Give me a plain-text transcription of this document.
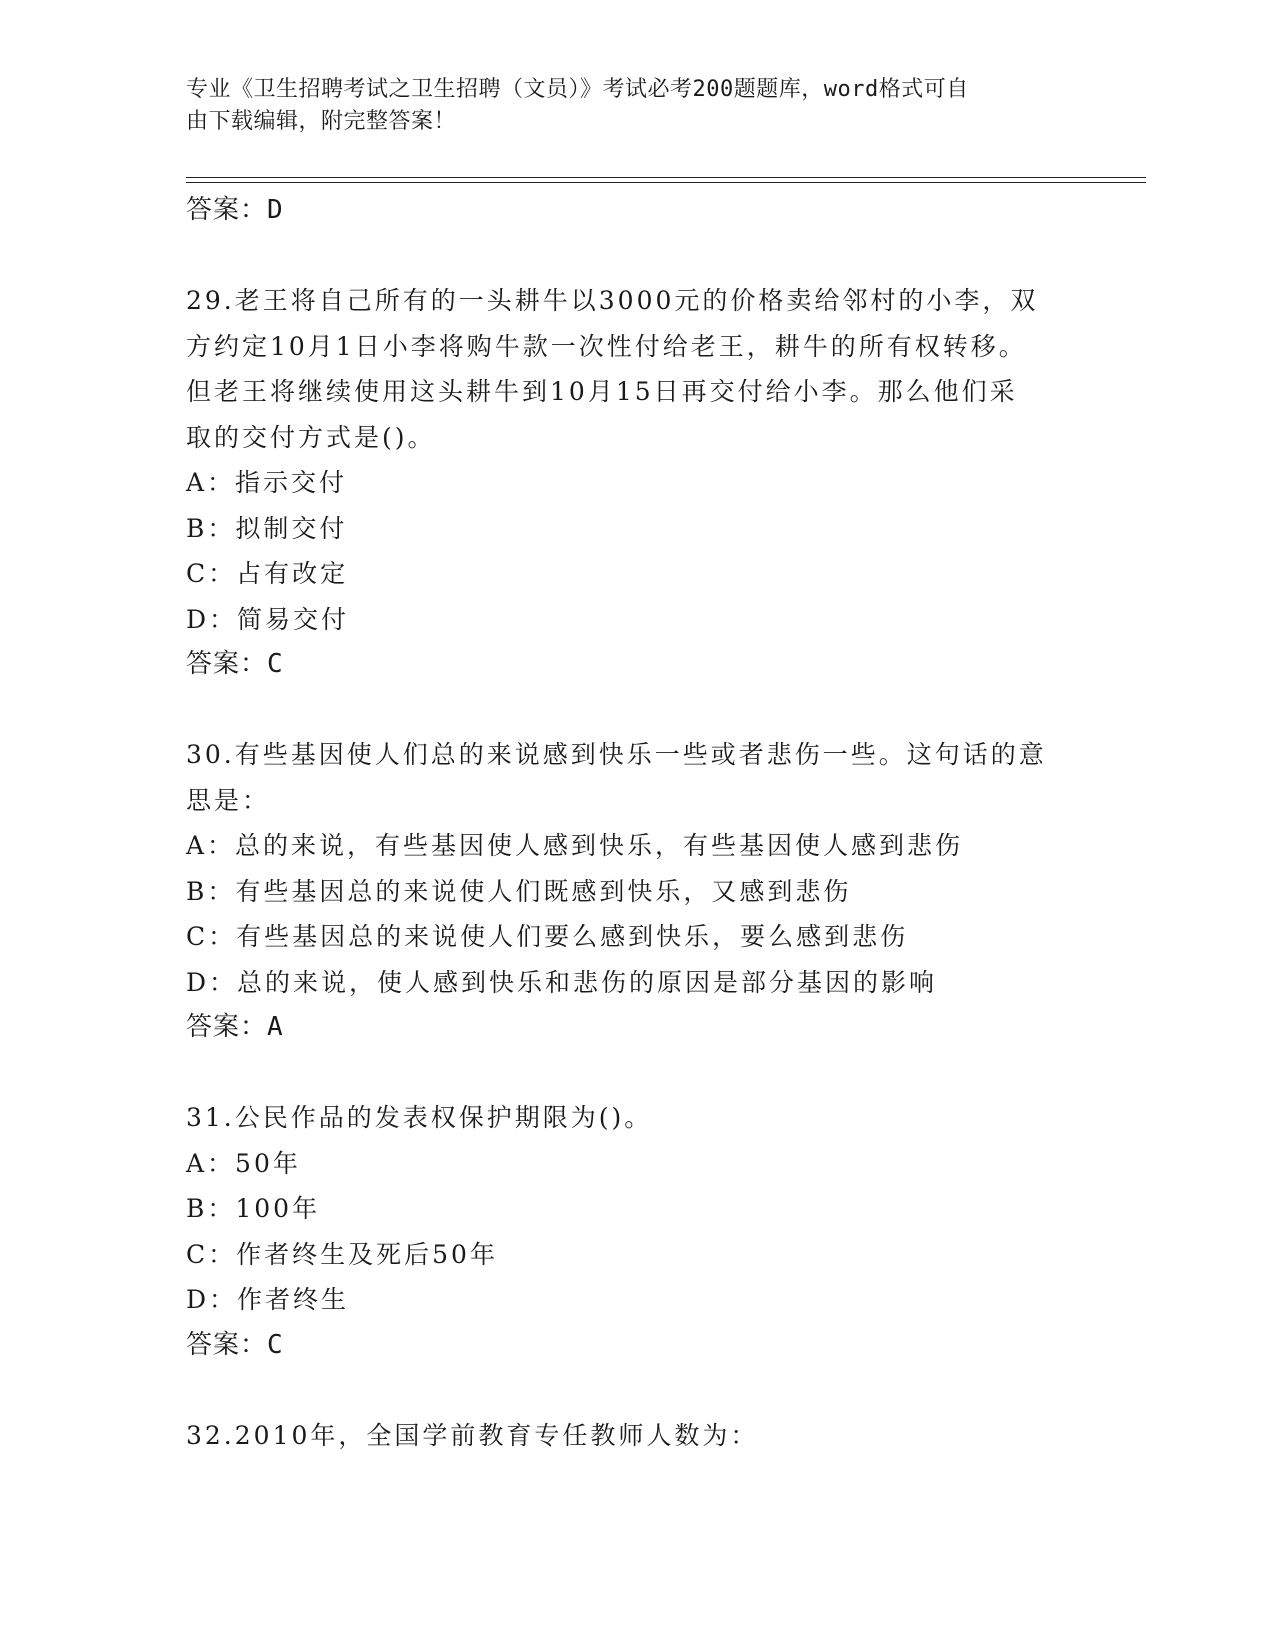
专业《卫生招聘考试之卫生招聘（文员）》考试必考200题题库，word格式可自
由下载编辑，附完整答案！

答案：D

29.老王将自己所有的一头耕牛以3000元的价格卖给邻村的小李，双

方约定10月1日小李将购牛款一次性付给老王，耕牛的所有权转移。

但老王将继续使用这头耕牛到10月15日再交付给小李。那么他们采

取的交付方式是()。

A：指示交付

B：拟制交付

C：占有改定

D：简易交付

答案：C

30.有些基因使人们总的来说感到快乐一些或者悲伤一些。这句话的意

思是：

A：总的来说，有些基因使人感到快乐，有些基因使人感到悲伤

B：有些基因总的来说使人们既感到快乐，又感到悲伤

C：有些基因总的来说使人们要么感到快乐，要么感到悲伤

D：总的来说，使人感到快乐和悲伤的原因是部分基因的影响

答案：A

31.公民作品的发表权保护期限为()。

A：50年

B：100年

C：作者终生及死后50年

D：作者终生

答案：C

32.2010年，全国学前教育专任教师人数为：
